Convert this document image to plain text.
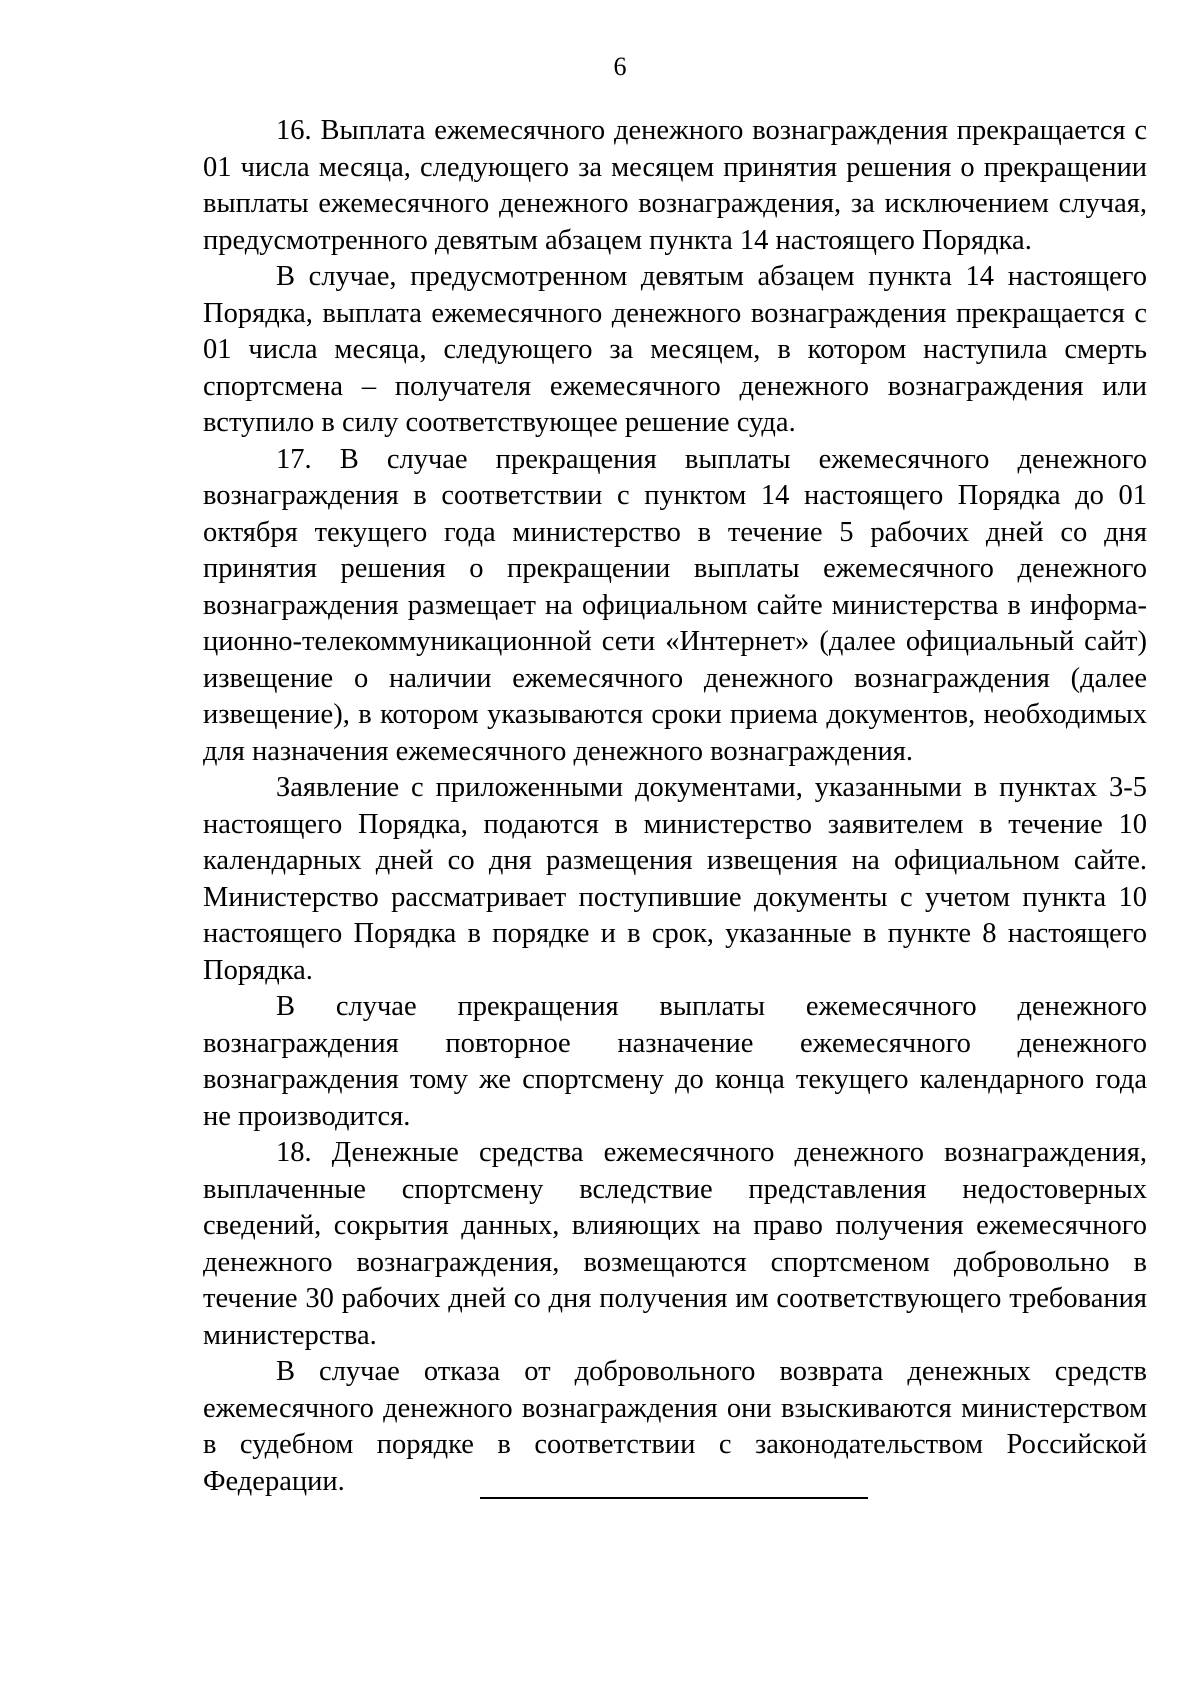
6

16. Выплата ежемесячного денежного вознаграждения прекращается с 01 числа месяца, следующего за месяцем принятия решения о прекращении выплаты ежемесячного денежного вознаграждения, за исключением случая, предусмотренного девятым абзацем пункта 14 настоящего Порядка.

В случае, предусмотренном девятым абзацем пункта 14 настоящего Порядка, выплата ежемесячного денежного вознаграждения прекращается с 01 числа месяца, следующего за месяцем, в котором наступила смерть спортсмена – получателя ежемесячного денежного вознаграждения или вступило в силу соответствующее решение суда.

17. В случае прекращения выплаты ежемесячного денежного вознаграждения в соответствии с пунктом 14 настоящего Порядка до 01 октября текущего года министерство в течение 5 рабочих дней со дня принятия решения о прекращении выплаты ежемесячного денежного вознаграждения размещает на официальном сайте министерства в информационно-телекоммуникационной сети «Интернет» (далее официальный сайт) извещение о наличии ежемесячного денежного вознаграждения (далее извещение), в котором указываются сроки приема документов, необходимых для назначения ежемесячного денежного вознаграждения.

Заявление с приложенными документами, указанными в пунктах 3-5 настоящего Порядка, подаются в министерство заявителем в течение 10 календарных дней со дня размещения извещения на официальном сайте. Министерство рассматривает поступившие документы с учетом пункта 10 настоящего Порядка в порядке и в срок, указанные в пункте 8 настоящего Порядка.

В случае прекращения выплаты ежемесячного денежного вознаграждения повторное назначение ежемесячного денежного вознаграждения тому же спортсмену до конца текущего календарного года не производится.

18. Денежные средства ежемесячного денежного вознаграждения, выплаченные спортсмену вследствие представления недостоверных сведений, сокрытия данных, влияющих на право получения ежемесячного денежного вознаграждения, возмещаются спортсменом добровольно в течение 30 рабочих дней со дня получения им соответствующего требования министерства.

В случае отказа от добровольного возврата денежных средств ежемесячного денежного вознаграждения они взыскиваются министерством в судебном порядке в соответствии с законодательством Российской Федерации.
